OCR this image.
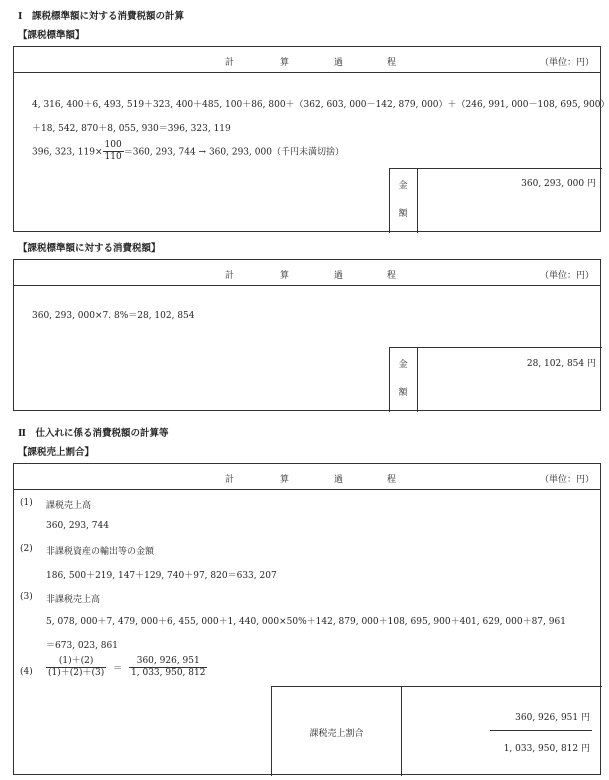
Ⅰ　課税標準額に対する消費税額の計算
【課税標準額】
計	算	過	程	（単位：円）
4, 316, 400＋6, 493, 519＋323, 400＋485, 100＋86, 800＋（362, 603, 000－142, 879, 000）＋（246, 991, 000－108, 695, 900）
＋18, 542, 870＋8, 055, 930＝396, 323, 119
396, 323, $119\times \frac{100}{110} =360$, 293, 744 → 360, 293, 000（千円未満切捨）
金
額
360, 293, 000 円
【課税標準額に対する消費税額】
計	算	過	程	（単位：円）
360, 293, 000×7. 8%＝28, 102, 854
金
額
28, 102, 854 円
Ⅱ　仕入れに係る消費税額の計算等
【課税売上割合】
計	算	過	程	（単位：円）
(1) 課税売上高
360, 293, 744
(2) 非課税資産の輸出等の金額
186, 500＋219, 147＋129, 740＋97, 820＝633, 207
(3) 非課税売上高
5, 078, 000＋7, 479, 000＋6, 455, 000＋1, 440, 000×50%＋142, 879, 000＋108, 695, 900＋401, 629, 000＋87, 961
＝673, 023, 861
$(4) \frac{(1)+(2)}{(1)+(2)+(3)} = \frac{360, 926, 951}{1, 033, 950, 812}$
課税売上割合
360, 926, 951 円
1, 033, 950, 812 円
